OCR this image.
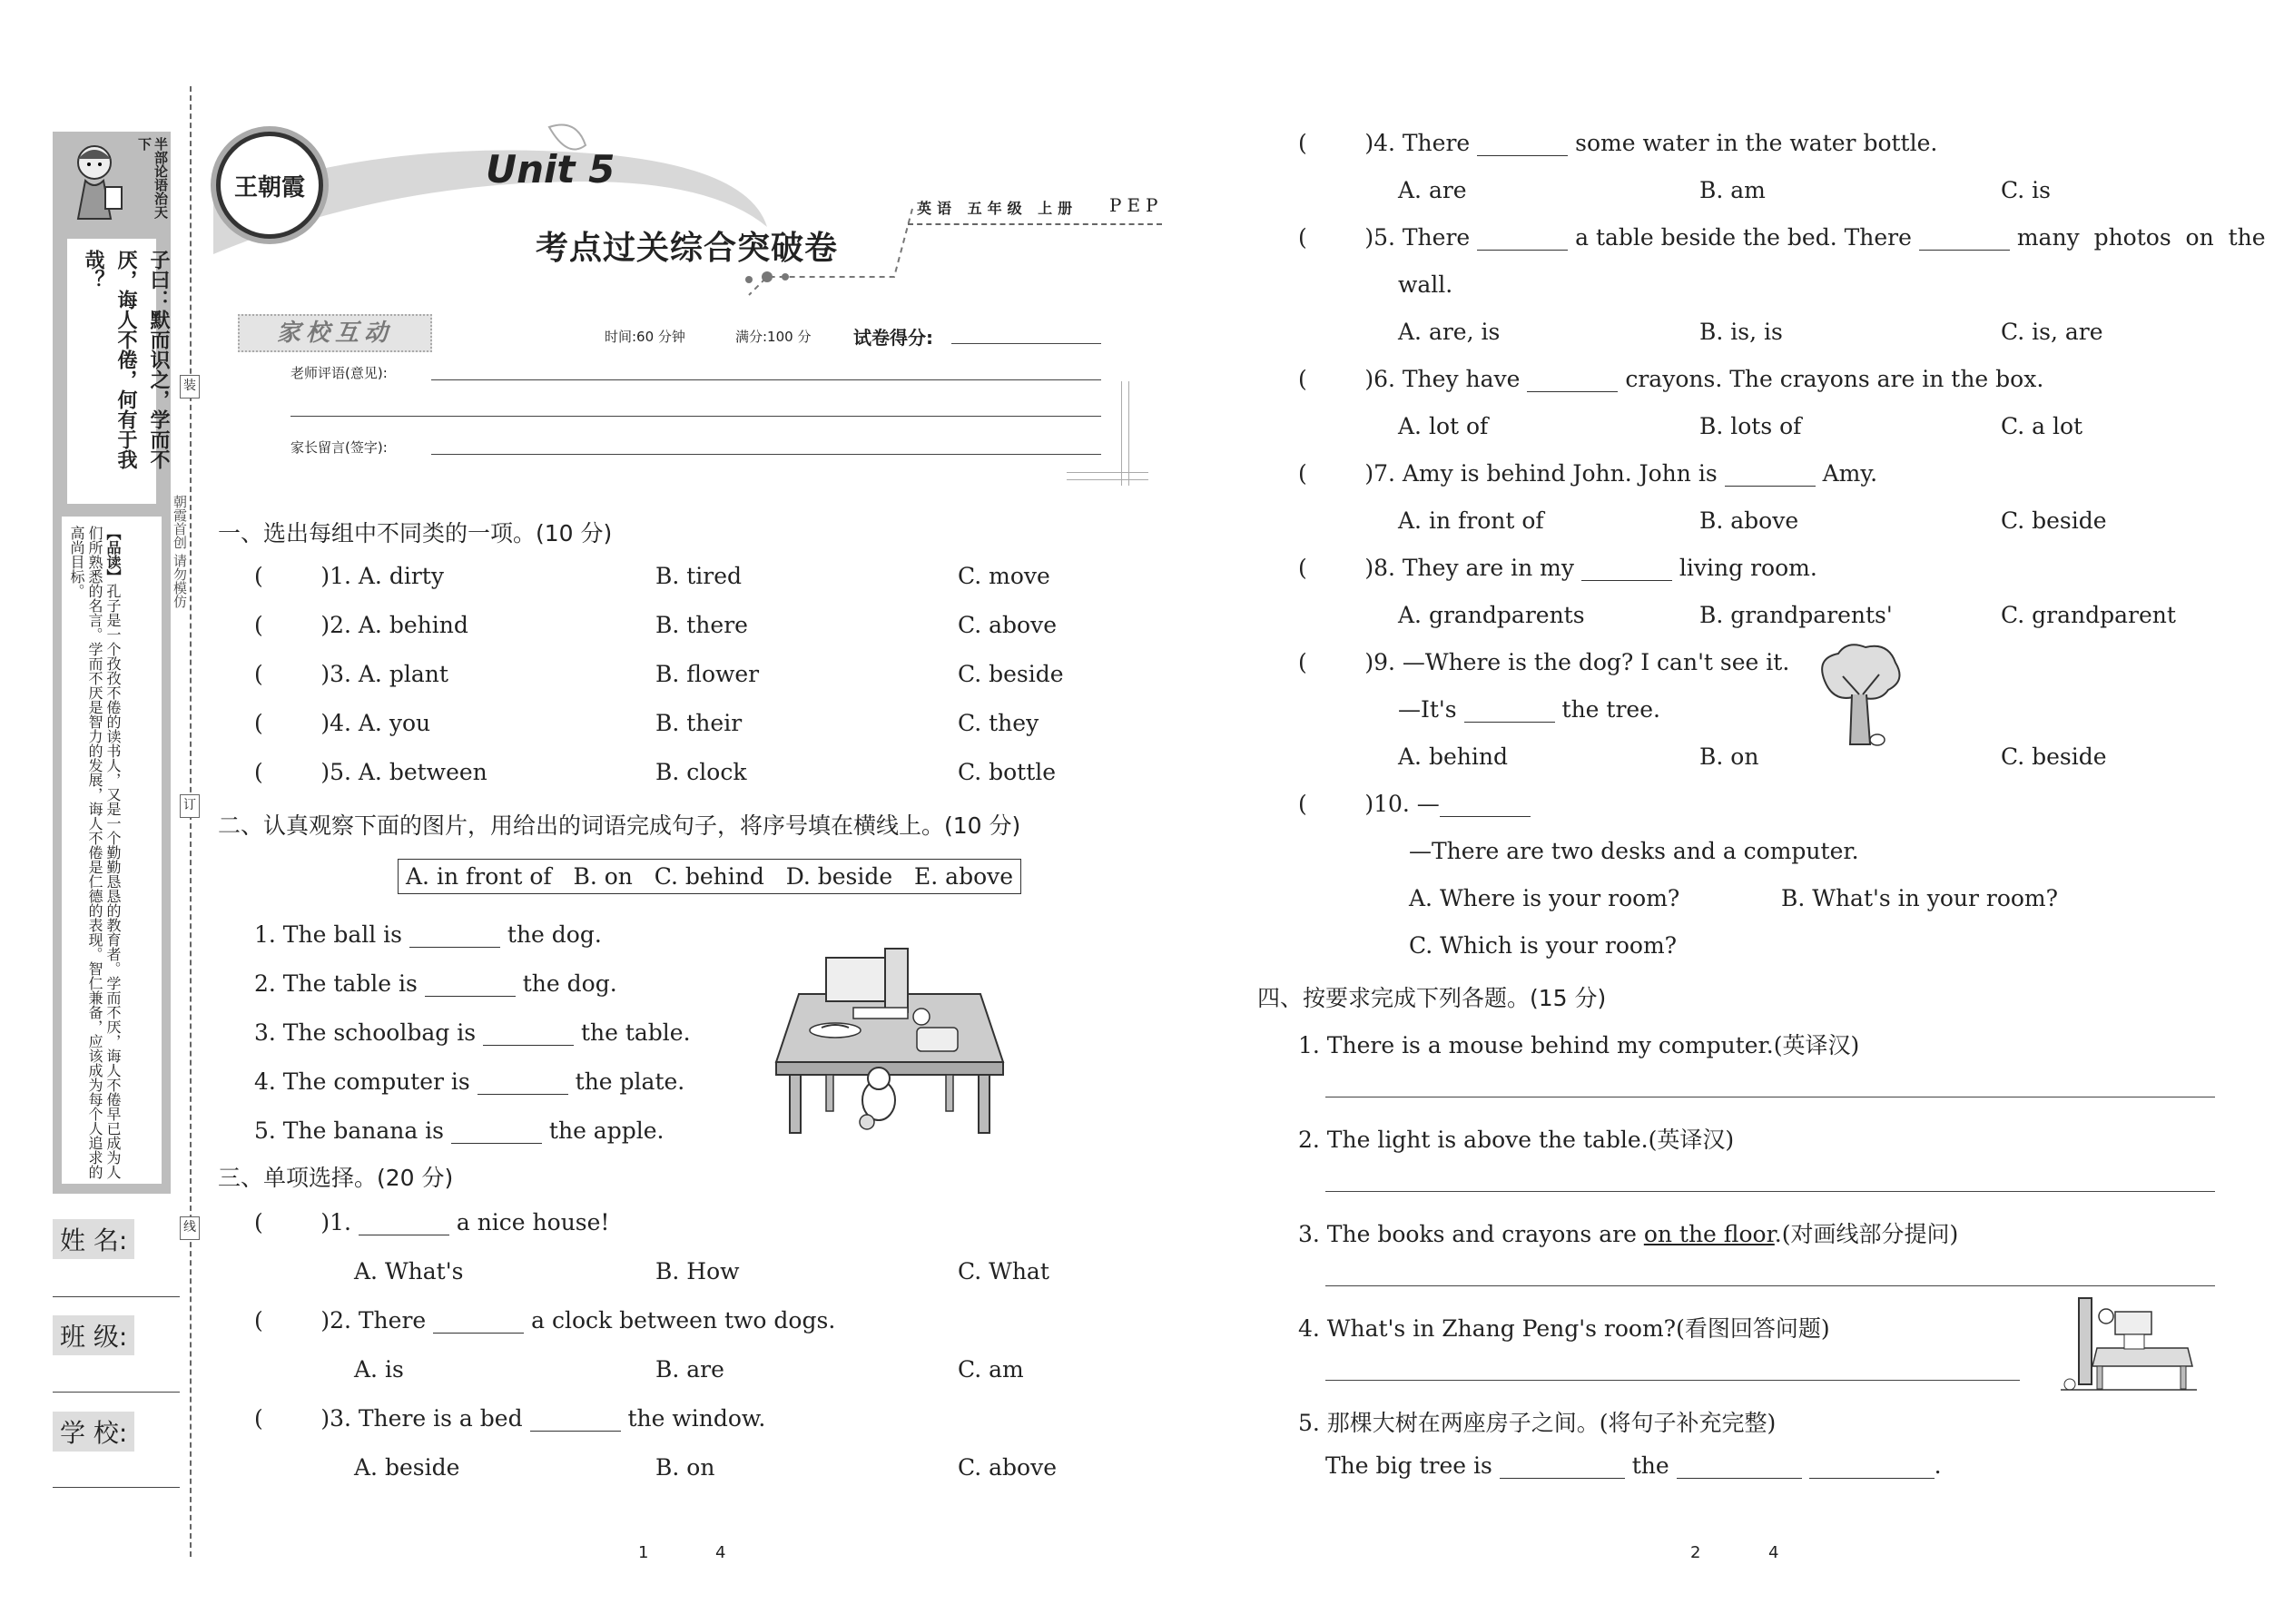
半部论语治天下
子曰：默而识之，学而不厌，诲人不倦，何有于我哉？
【品读】孔子是一个孜孜不倦的读书人，又是一个勤勤恳恳的教育者。学而不厌，诲人不倦早已成为人们所熟悉的名言。学而不厌是智力的发展，诲人不倦是仁德的表现。智仁兼备，应该成为每个人追求的高尚目标。	朝霞首创 请勿模仿
装
订
线
姓 名:
班 级:
学 校:
王朝霞	Unit 5
考点过关综合突破卷
英语 五年级 上册 PEP
家校互动	时间:60 分钟	满分:100 分 试卷得分:
老师评语(意见):
家长留言(签字):
一、选出每组中不同类的一项。(10 分)
(        )1. A. dirty	B. tired	C. move
(        )2. A. behind	B. there	C. above
(        )3. A. plant	B. flower	C. beside
(        )4. A. you	B. their	C. they
(        )5. A. between	B. clock	C. bottle
二、认真观察下面的图片，用给出的词语完成句子，将序号填在横线上。(10 分)
A. in front of   B. on   C. behind   D. beside   E. above
1. The ball is	the dog.
2. The table is	the dog.
3. The schoolbag is	the table.
4. The computer is	the plate.
5. The banana is	the apple.
三、单项选择。(20 分)
(        )1.	a nice house!
A. What's	B. How	C. What
(        )2. There	a clock between two dogs.
A. is	B. are	C. am
(        )3. There is a bed	the window.
A. beside	B. on	C. above
1	4
(        )4. There	some water in the water bottle.
A. are	B. am	C. is
(        )5. There	a table beside the bed. There	many  photos  on  the
wall.
A. are, is	B. is, is	C. is, are
(        )6. They have	crayons. The crayons are in the box.
A. lot of	B. lots of	C. a lot
(        )7. Amy is behind John. John is	Amy.
A. in front of	B. above	C. beside
(        )8. They are in my	living room.
A. grandparents	B. grandparents'	C. grandparent
(        )9. —Where is the dog? I can't see it.
—It's	the tree.
A. behind	B. on	C. beside
(        )10. —
—There are two desks and a computer.
A. Where is your room?	B. What's in your room?
C. Which is your room?
四、按要求完成下列各题。(15 分)
1. There is a mouse behind my computer.(英译汉)
2. The light is above the table.(英译汉)
3. The books and crayons are on the floor.(对画线部分提问)
4. What's in Zhang Peng's room?(看图回答问题)
5. 那棵大树在两座房子之间。(将句子补充完整)
The big tree is	the	.
2	4
